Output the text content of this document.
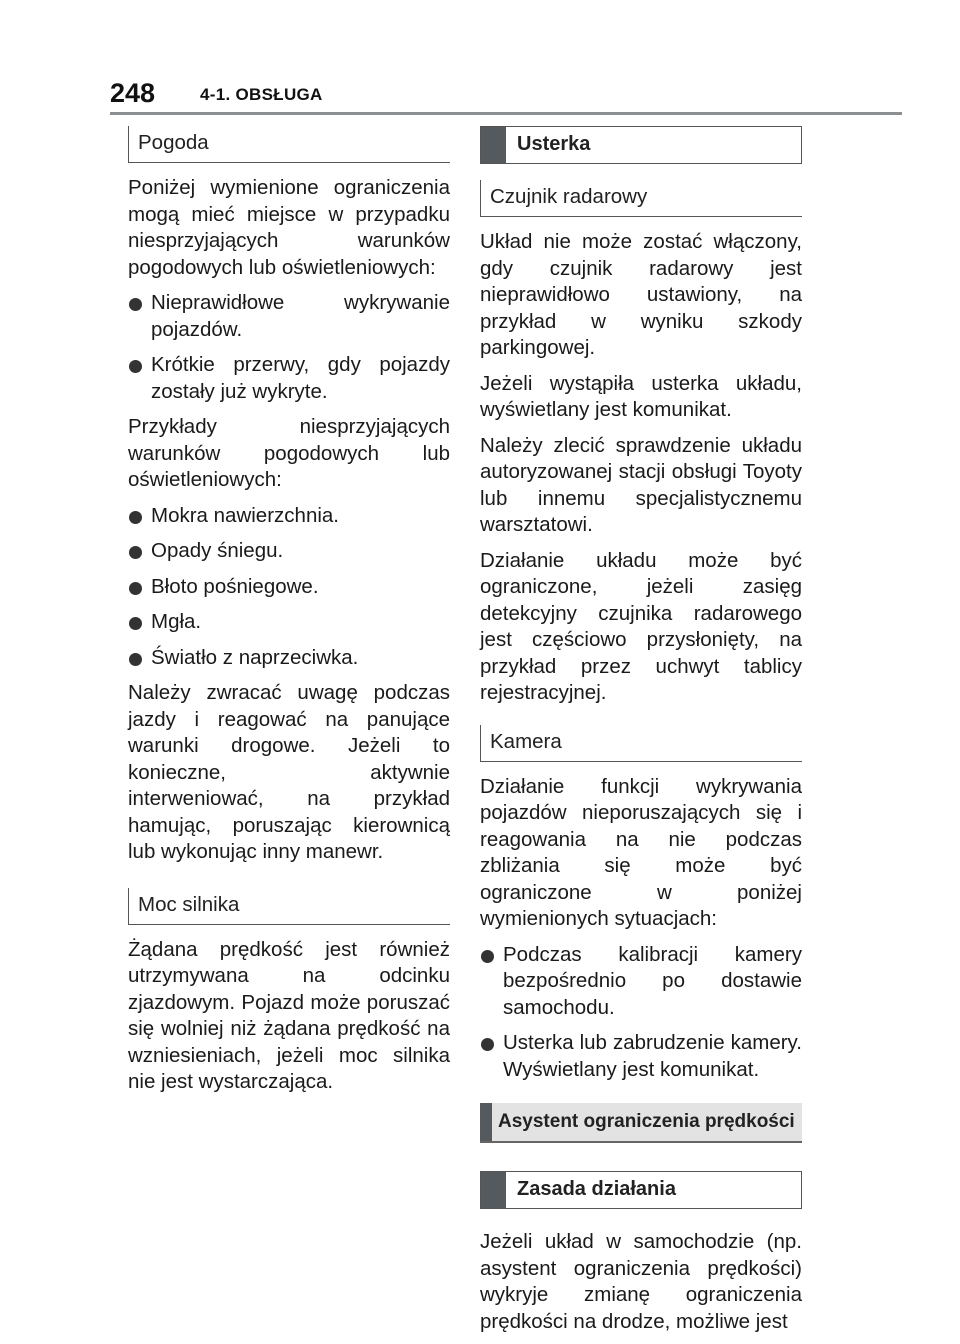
248	4-1. OBSŁUGA
Pogoda

Poniżej wymienione ograniczenia mogą mieć miejsce w przypadku niesprzyjających warunków pogodowych lub oświetleniowych:

Nieprawidłowe wykrywanie pojazdów.
Krótkie przerwy, gdy pojazdy zostały już wykryte.

Przykłady niesprzyjających warunków pogodowych lub oświetleniowych:

Mokra nawierzchnia.
Opady śniegu.
Błoto pośniegowe.
Mgła.
Światło z naprzeciwka.

Należy zwracać uwagę podczas jazdy i reagować na panujące warunki drogowe. Jeżeli to konieczne, aktywnie interweniować, na przykład hamując, poruszając kierownicą lub wykonując inny manewr.

Moc silnika

Żądana prędkość jest również utrzymywana na odcinku zjazdowym. Pojazd może poruszać się wolniej niż żądana prędkość na wzniesieniach, jeżeli moc silnika nie jest wystarczająca.

Usterka
Czujnik radarowy

Układ nie może zostać włączony, gdy czujnik radarowy jest nieprawidłowo ustawiony, na przykład w wyniku szkody parkingowej.

Jeżeli wystąpiła usterka układu, wyświetlany jest komunikat.

Należy zlecić sprawdzenie układu autoryzowanej stacji obsługi Toyoty lub innemu specjalistycznemu warsztatowi.

Działanie układu może być ograniczone, jeżeli zasięg detekcyjny czujnika radarowego jest częściowo przysłonięty, na przykład przez uchwyt tablicy rejestracyjnej.

Kamera

Działanie funkcji wykrywania pojazdów nieporuszających się i reagowania na nie podczas zbliżania się może być ograniczone w poniżej wymienionych sytuacjach:

Podczas kalibracji kamery bezpośrednio po dostawie samochodu.
Usterka lub zabrudzenie kamery. Wyświetlany jest komunikat.
Asystent ograniczenia prędkości
Zasada działania

Jeżeli układ w samochodzie (np. asystent ograniczenia prędkości) wykryje zmianę ograniczenia prędkości na drodze, możliwe jest
